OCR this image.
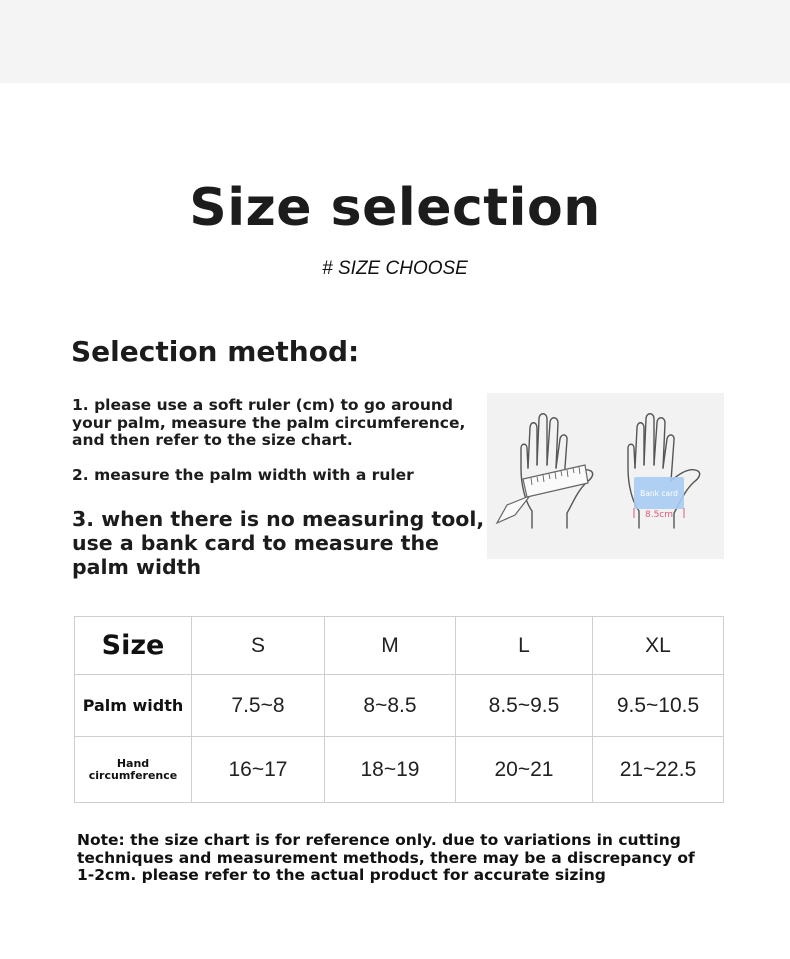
Size selection
# SIZE CHOOSE
Selection method:
1. please use a soft ruler (cm) to go around your palm, measure the palm circumference, and then refer to the size chart.
2. measure the palm width with a ruler
3. when there is no measuring tool, use a bank card to measure the palm width
Bank card
8.5cm
Size	S	M	L	XL
Palm width	7.5~8	8~8.5	8.5~9.5	9.5~10.5
Hand
circumference	16~17	18~19	20~21	21~22.5
Note: the size chart is for reference only. due to variations in cutting techniques and measurement methods, there may be a discrepancy of 1-2cm. please refer to the actual product for accurate sizing
